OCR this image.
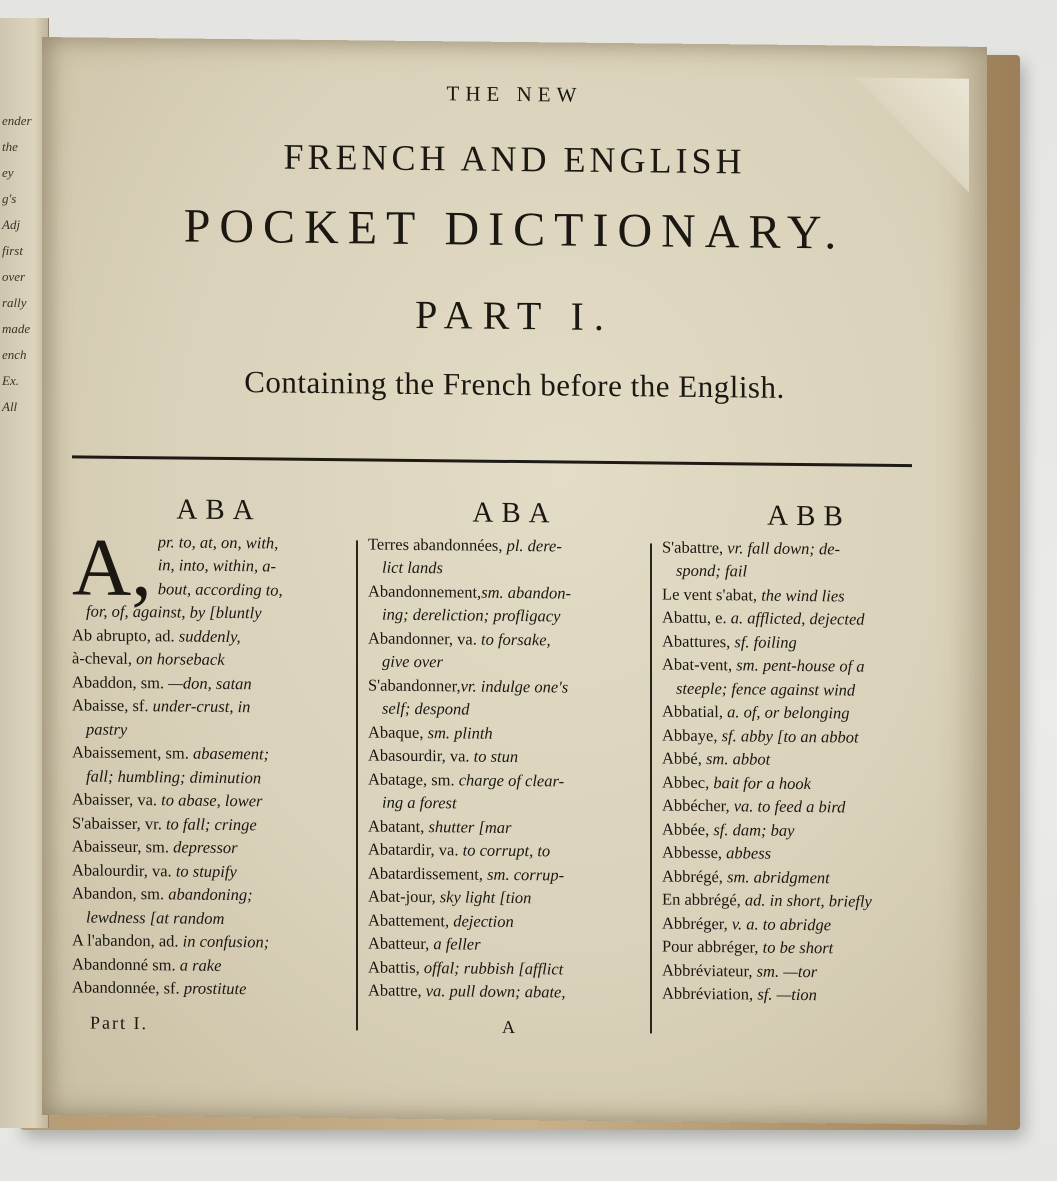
ender
the
ey
g's
Adj
first
over
rally
made
ench
Ex.
All
THE NEW
FRENCH AND ENGLISH
POCKET DICTIONARY.
PART I.
Containing the French before the English.
ABA
A, pr. to, at, on, with,
in, into, within, a-
bout, according to,
for, of, against, by [bluntly
Ab abrupto, ad. suddenly,
à-cheval, on horseback
Abaddon, sm. —don, satan
Abaisse, sf. under-crust, in
pastry
Abaissement, sm. abasement;
fall; humbling; diminution
Abaisser, va. to abase, lower
S'abaisser, vr. to fall; cringe
Abaisseur, sm. depressor
Abalourdir, va. to stupify
Abandon, sm. abandoning;
lewdness [at random
A l'abandon, ad. in confusion;
Abandonné sm. a rake
Abandonnée, sf. prostitute
ABA
Terres abandonnées, pl. dere-
lict lands
Abandonnement,sm. abandon-
ing; dereliction; profligacy
Abandonner, va. to forsake,
give over
S'abandonner,vr. indulge one's
self; despond
Abaque, sm. plinth
Abasourdir, va. to stun
Abatage, sm. charge of clear-
ing a forest
Abatant, shutter [mar
Abatardir, va. to corrupt, to
Abatardissement, sm. corrup-
Abat-jour, sky light [tion
Abattement, dejection
Abatteur, a feller
Abattis, offal; rubbish [afflict
Abattre, va. pull down; abate,
ABB
S'abattre, vr. fall down; de-
spond; fail
Le vent s'abat, the wind lies
Abattu, e. a. afflicted, dejected
Abattures, sf. foiling
Abat-vent, sm. pent-house of a
steeple; fence against wind
Abbatial, a. of, or belonging
Abbaye, sf. abby [to an abbot
Abbé, sm. abbot
Abbec, bait for a hook
Abbécher, va. to feed a bird
Abbée, sf. dam; bay
Abbesse, abbess
Abbrégé, sm. abridgment
En abbrégé, ad. in short, briefly
Abbréger, v. a. to abridge
Pour abbréger, to be short
Abbréviateur, sm. —tor
Abbréviation, sf. —tion
Part I.	A
